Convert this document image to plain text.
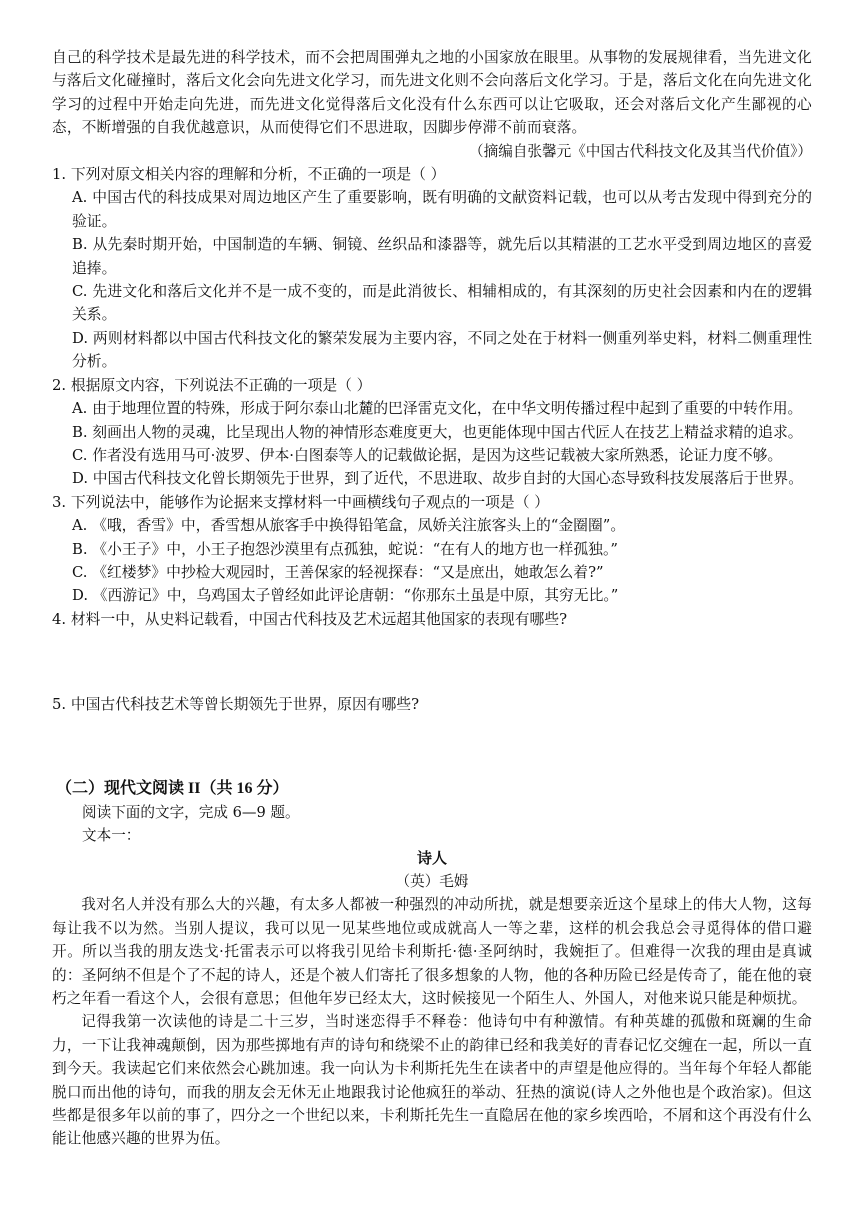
自己的科学技术是最先进的科学技术，而不会把周围弹丸之地的小国家放在眼里。从事物的发展规律看，当先进文化与落后文化碰撞时，落后文化会向先进文化学习，而先进文化则不会向落后文化学习。于是，落后文化在向先进文化学习的过程中开始走向先进，而先进文化觉得落后文化没有什么东西可以让它吸取，还会对落后文化产生鄙视的心态，不断增强的自我优越意识，从而使得它们不思进取，因脚步停滞不前而衰落。

（摘编自张馨元《中国古代科技文化及其当代价值》）

1. 下列对原文相关内容的理解和分析，不正确的一项是（ ）

A. 中国古代的科技成果对周边地区产生了重要影响，既有明确的文献资料记载，也可以从考古发现中得到充分的验证。

B. 从先秦时期开始，中国制造的车辆、铜镜、丝织品和漆器等，就先后以其精湛的工艺水平受到周边地区的喜爱追捧。

C. 先进文化和落后文化并不是一成不变的，而是此消彼长、相辅相成的，有其深刻的历史社会因素和内在的逻辑关系。

D. 两则材料都以中国古代科技文化的繁荣发展为主要内容，不同之处在于材料一侧重列举史料，材料二侧重理性分析。

2. 根据原文内容，下列说法不正确的一项是（ ）

A. 由于地理位置的特殊，形成于阿尔泰山北麓的巴泽雷克文化，在中华文明传播过程中起到了重要的中转作用。

B. 刻画出人物的灵魂，比呈现出人物的神情形态难度更大，也更能体现中国古代匠人在技艺上精益求精的追求。

C. 作者没有选用马可·波罗、伊本·白图泰等人的记载做论据，是因为这些记载被大家所熟悉，论证力度不够。

D. 中国古代科技文化曾长期领先于世界，到了近代，不思进取、故步自封的大国心态导致科技发展落后于世界。

3. 下列说法中，能够作为论据来支撑材料一中画横线句子观点的一项是（ ）

A. 《哦，香雪》中，香雪想从旅客手中换得铅笔盒，凤娇关注旅客头上的“金圈圈”。

B. 《小王子》中，小王子抱怨沙漠里有点孤独，蛇说：“在有人的地方也一样孤独。”

C. 《红楼梦》中抄检大观园时，王善保家的轻视探春：“又是庶出，她敢怎么着?”

D. 《西游记》中，乌鸡国太子曾经如此评论唐朝：“你那东土虽是中原，其穷无比。”

4. 材料一中，从史料记载看，中国古代科技及艺术远超其他国家的表现有哪些?

5. 中国古代科技艺术等曾长期领先于世界，原因有哪些?

（二）现代文阅读 II（共 16 分）

阅读下面的文字，完成 6—9 题。

文本一：

诗人

（英）毛姆

我对名人并没有那么大的兴趣，有太多人都被一种强烈的冲动所扰，就是想要亲近这个星球上的伟大人物，这每每让我不以为然。当别人提议，我可以见一见某些地位或成就高人一等之辈，这样的机会我总会寻觅得体的借口避开。所以当我的朋友迭戈·托雷表示可以将我引见给卡利斯托·德·圣阿纳时，我婉拒了。但难得一次我的理由是真诚的：圣阿纳不但是个了不起的诗人，还是个被人们寄托了很多想象的人物，他的各种历险已经是传奇了，能在他的衰朽之年看一看这个人，会很有意思；但他年岁已经太大，这时候接见一个陌生人、外国人，对他来说只能是种烦扰。

记得我第一次读他的诗是二十三岁，当时迷恋得手不释卷：他诗句中有种激情。有种英雄的孤傲和斑斓的生命力，一下让我神魂颠倒，因为那些掷地有声的诗句和绕梁不止的韵律已经和我美好的青春记忆交缠在一起，所以一直到今天。我读起它们来依然会心跳加速。我一向认为卡利斯托先生在读者中的声望是他应得的。当年每个年轻人都能脱口而出他的诗句，而我的朋友会无休无止地跟我讨论他疯狂的举动、狂热的演说(诗人之外他也是个政治家)。但这些都是很多年以前的事了，四分之一个世纪以来，卡利斯托先生一直隐居在他的家乡埃西哈，不屑和这个再没有什么能让他感兴趣的世界为伍。
